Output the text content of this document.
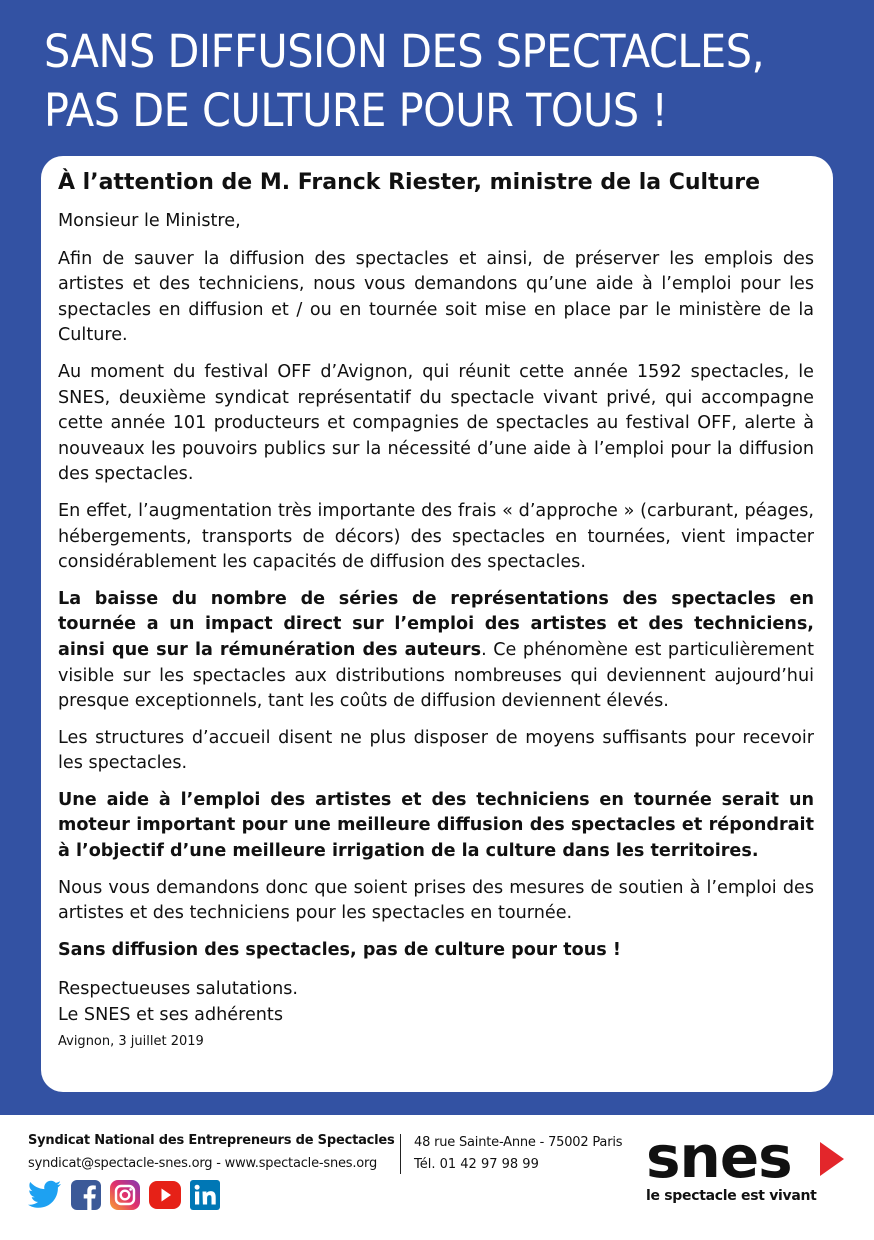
SANS DIFFUSION DES SPECTACLES,
PAS DE CULTURE POUR TOUS !
À l’attention de M. Franck Riester, ministre de la Culture

Monsieur le Ministre,

Afin de sauver la diffusion des spectacles et ainsi, de préserver les emplois des artistes et des techniciens, nous vous demandons qu’une aide à l’emploi pour les spectacles en diffusion et / ou en tournée soit mise en place par le ministère de la Culture.

Au moment du festival OFF d’Avignon, qui réunit cette année 1592 spectacles, le SNES, deuxième syndicat représentatif du spectacle vivant privé, qui accompagne cette année 101 producteurs et compagnies de spectacles au festival OFF, alerte à nouveaux les pouvoirs publics sur la nécessité d’une aide à l’emploi pour la diffusion des spectacles.

En effet, l’augmentation très importante des frais « d’approche » (carburant, péages, hébergements, transports de décors) des spectacles en tournées, vient impacter considérablement les capacités de diffusion des spectacles.

La baisse du nombre de séries de représentations des spectacles en tournée a un impact direct sur l’emploi des artistes et des techniciens, ainsi que sur la rémunération des auteurs. Ce phénomène est particulièrement visible sur les spectacles aux distributions nombreuses qui deviennent aujourd’hui presque exceptionnels, tant les coûts de diffusion deviennent élevés.

Les structures d’accueil disent ne plus disposer de moyens suffisants pour recevoir les spectacles.

Une aide à l’emploi des artistes et des techniciens en tournée serait un moteur important pour une meilleure diffusion des spectacles et répondrait à l’objectif d’une meilleure irrigation de la culture dans les territoires.

Nous vous demandons donc que soient prises des mesures de soutien à l’emploi des artistes et des techniciens pour les spectacles en tournée.

Sans diffusion des spectacles, pas de culture pour tous !

Respectueuses salutations.
Le SNES et ses adhérents
Avignon, 3 juillet 2019
Syndicat National des Entrepreneurs de Spectacles
syndicat@spectacle-snes.org - www.spectacle-snes.org
48 rue Sainte-Anne - 75002 Paris
Tél. 01 42 97 98 99 snes
le spectacle est vivant
